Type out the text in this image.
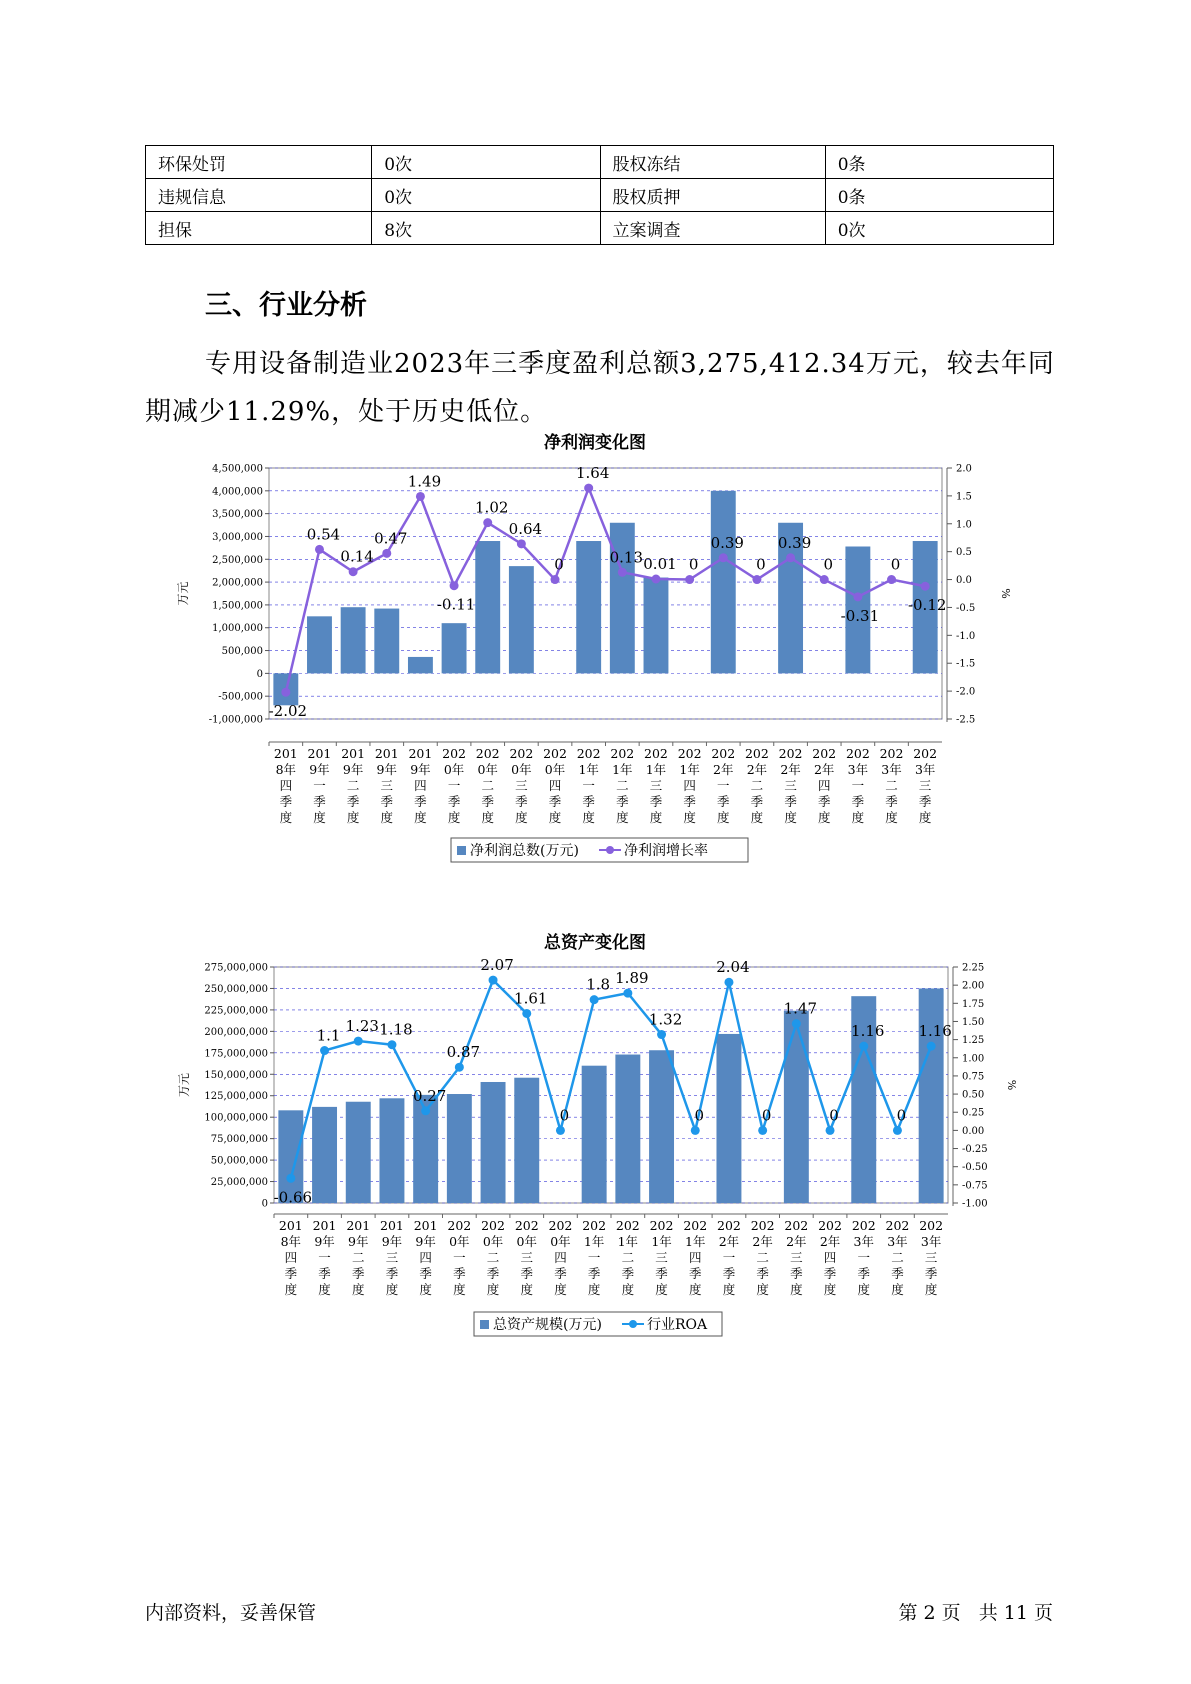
环保处罚	0次	股权冻结	0条
违规信息	0次	股权质押	0条
担保	8次	立案调查	0次
三、行业分析

专用设备制造业2023年三季度盈利总额3,275,412.34万元，较去年同期减少11.29%，处于历史低位。

净利润变化图
4,500,000
4,000,000
3,500,000
3,000,000
2,500,000
2,000,000
1,500,000
1,000,000
500,000
0
-500,000
-1,000,000
2.0
1.5
1.0
0.5
0.0
-0.5
-1.0
-1.5
-2.0
-2.5
万元	%
-2.02
0.54
0.14
0.47
1.49
-0.11
1.02
0.64
0
1.64
0.13 0.01 0
0.39
0
0.39
0
-0.31
0
-0.12
201
8年
四
季
度
201
9年
一
季
度
201
9年
二
季
度
201
9年
三
季
度
201
9年
四
季
度
202
0年
一
季
度
202
0年
二
季
度
202
0年
三
季
度
202
0年
四
季
度
202
1年
一
季
度
202
1年
二
季
度
202
1年
三
季
度
202
1年
四
季
度
202
2年
一
季
度
202
2年
二
季
度
202
2年
三
季
度
202
2年
四
季
度
202
3年
一
季
度
202
3年
二
季
度
202
3年
三
季
度
净利润总数(万元)	净利润增长率
总资产变化图
275,000,000
250,000,000
225,000,000
200,000,000
175,000,000
150,000,000
125,000,000
100,000,000
75,000,000
50,000,000
25,000,000
0
2.25
2.00
1.75
1.50
1.25
1.00
0.75
0.50
0.25
0.00
-0.25
-0.50
-0.75
-1.00
万元	%
-0.66
1.1
1.23 1.18
0.27
0.87
2.07
1.61
0
1.8 1.89
1.32
0
2.04
0
1.47
0
1.16
0
1.16
201
8年
四
季
度
201
9年
一
季
度
201
9年
二
季
度
201
9年
三
季
度
201
9年
四
季
度
202
0年
一
季
度
202
0年
二
季
度
202
0年
三
季
度
202
0年
四
季
度
202
1年
一
季
度
202
1年
二
季
度
202
1年
三
季
度
202
1年
四
季
度
202
2年
一
季
度
202
2年
二
季
度
202
2年
三
季
度
202
2年
四
季
度
202
3年
一
季
度
202
3年
二
季
度
202
3年
三
季
度
总资产规模(万元)	行业ROA
内部资料，妥善保管	第 2 页   共 11 页
